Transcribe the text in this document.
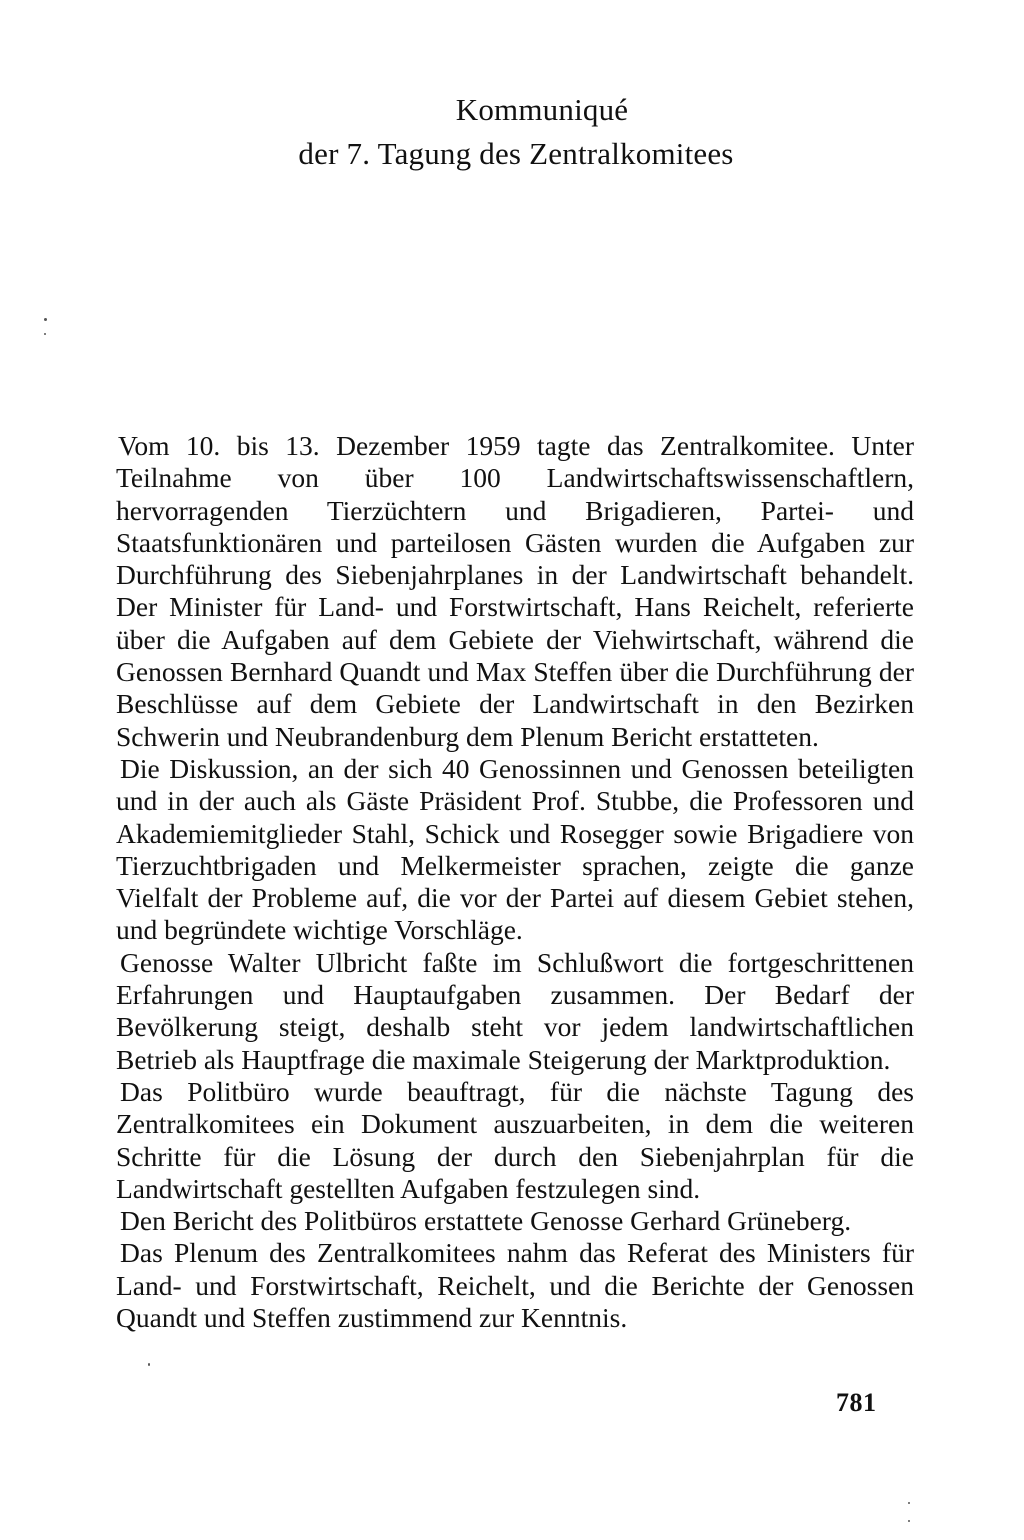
Kommuniqué
der 7. Tagung des Zentralkomitees

Vom 10. bis 13. Dezember 1959 tagte das Zentralkomitee. Unter Teilnahme von über 100 Landwirtschaftswissenschaftlern, hervorragenden Tierzüchtern und Brigadieren, Partei- und Staatsfunktionären und parteilosen Gästen wurden die Aufgaben zur Durchführung des Siebenjahrplanes in der Landwirtschaft behandelt. Der Minister für Land- und Forstwirtschaft, Hans Reichelt, referierte über die Aufgaben auf dem Gebiete der Viehwirtschaft, während die Genossen Bernhard Quandt und Max Steffen über die Durchführung der Beschlüsse auf dem Gebiete der Landwirtschaft in den Bezirken Schwerin und Neubrandenburg dem Plenum Bericht erstatteten.

Die Diskussion, an der sich 40 Genossinnen und Genossen beteiligten und in der auch als Gäste Präsident Prof. Stubbe, die Professoren und Akademiemitglieder Stahl, Schick und Rosegger sowie Brigadiere von Tierzuchtbrigaden und Melkermeister sprachen, zeigte die ganze Vielfalt der Probleme auf, die vor der Partei auf diesem Gebiet stehen, und begründete wichtige Vorschläge.

Genosse Walter Ulbricht faßte im Schlußwort die fortgeschrittenen Erfahrungen und Hauptaufgaben zusammen. Der Bedarf der Bevölkerung steigt, deshalb steht vor jedem landwirtschaftlichen Betrieb als Hauptfrage die maximale Steigerung der Marktproduktion.

Das Politbüro wurde beauftragt, für die nächste Tagung des Zentralkomitees ein Dokument auszuarbeiten, in dem die weiteren Schritte für die Lösung der durch den Siebenjahrplan für die Landwirtschaft gestellten Aufgaben festzulegen sind.

Den Bericht des Politbüros erstattete Genosse Gerhard Grüneberg.

Das Plenum des Zentralkomitees nahm das Referat des Ministers für Land- und Forstwirtschaft, Reichelt, und die Berichte der Genossen Quandt und Steffen zustimmend zur Kenntnis.

781
